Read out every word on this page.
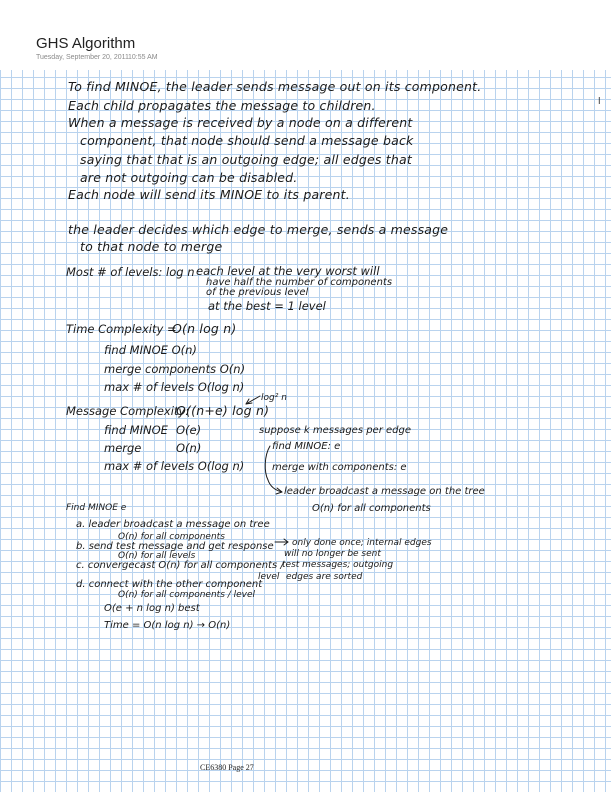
GHS Algorithm
Tuesday, September 20, 2011 10:55 AM
To find MINOE, the leader sends message out on its component.
Each child propagates the message to children.
When a message is received by a node on a different
component, that node should send a message back
saying that that is an outgoing edge; all edges that
are not outgoing can be disabled.
Each node will send its MINOE to its parent.
the leader decides which edge to merge, sends a message
to that node to merge
Most # of levels: log n each level at the very worst will
have half the number of components
of the previous level
at the best = 1 level
Time Complexity =
O(n log n)
find MINOE O(n)
merge components O(n)
max # of levels O(log n)
log² n
Message Complexity:
O((n+e) log n)
find MINOE O(e)
merge	O(n)
max # of levels O(log n)
suppose k messages per edge
find MINOE: e
merge with components: e
leader broadcast a message on the tree
O(n) for all components
Find MINOE e
a. leader broadcast a message on tree
O(n) for all components
b. send test message and get response
O(n) for all levels
only done once; internal edges
will no longer be sent
c. convergecast O(n) for all components /
level
test messages; outgoing
edges are sorted
d. connect with the other component
O(n) for all components / level
O(e + n log n) best
Time = O(n log n) → O(n)
l
CE6380 Page 27
